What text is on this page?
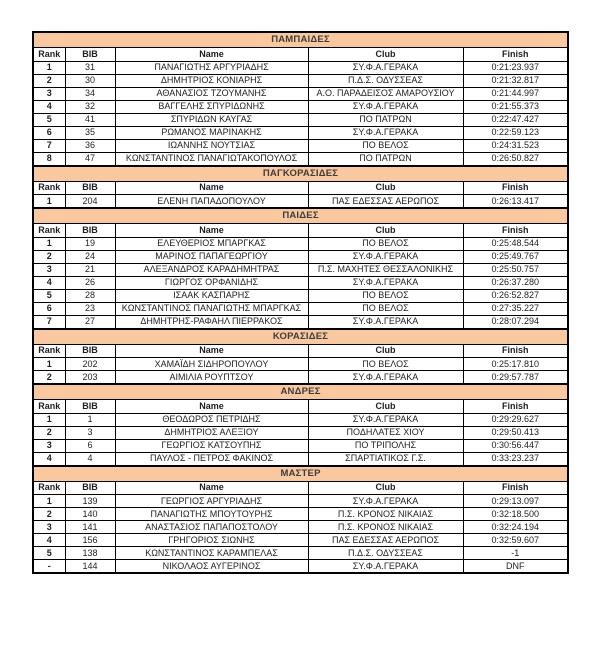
ΠΑΜΠΑΙΔΕΣ				
Rank	BIB	Name	Club	Finish
1	31	ΠΑΝΑΓΙΩΤΗΣ ΑΡΓΥΡΙΑΔΗΣ	ΣΥ.Φ.Α.ΓΕΡΑΚΑ	0:21:23.937
2	30	ΔΗΜΗΤΡΙΟΣ ΚΟΝΙΑΡΗΣ	Π.Δ.Σ. ΟΔΥΣΣΕΑΣ	0:21:32.817
3	34	ΑΘΑΝΑΣΙΟΣ ΤΖΟΥΜΑΝΗΣ	Α.Ο. ΠΑΡΑΔΕΙΣΟΣ ΑΜΑΡΟΥΣΙΟΥ	0:21:44.997
4	32	ΒΑΓΓΕΛΗΣ ΣΠΥΡΙΔΩΝΗΣ	ΣΥ.Φ.Α.ΓΕΡΑΚΑ	0:21:55.373
5	41	ΣΠΥΡΙΔΩΝ ΚΑΥΓΑΣ	ΠΟ ΠΑΤΡΩΝ	0:22:47.427
6	35	ΡΩΜΑΝΟΣ ΜΑΡΙΝΑΚΗΣ	ΣΥ.Φ.Α.ΓΕΡΑΚΑ	0:22:59.123
7	36	ΙΩΑΝΝΗΣ ΝΟΥΤΣΙΑΣ	ΠΟ ΒΕΛΟΣ	0:24:31.523
8	47	ΚΩΝΣΤΑΝΤΙΝΟΣ ΠΑΝΑΓΙΩΤΑΚΟΠΟΥΛΟΣ	ΠΟ ΠΑΤΡΩΝ	0:26:50.827
ΠΑΓΚΟΡΑΣΙΔΕΣ				
Rank	BIB	Name	Club	Finish
1	204	ΕΛΕΝΗ ΠΑΠΑΔΟΠΟΥΛΟΥ	ΠΑΣ ΕΔΕΣΣΑΣ ΑΕΡΩΠΟΣ	0:26:13.417
ΠΑΙΔΕΣ				
Rank	BIB	Name	Club	Finish
1	19	ΕΛΕΥΘΕΡΙΟΣ ΜΠΑΡΓΚΑΣ	ΠΟ ΒΕΛΟΣ	0:25:48.544
2	24	ΜΑΡΙΝΟΣ ΠΑΠΑΓΕΩΡΓΙΟΥ	ΣΥ.Φ.Α.ΓΕΡΑΚΑ	0:25:49.767
3	21	ΑΛΕΞΑΝΔΡΟΣ ΚΑΡΑΔΗΜΗΤΡΑΣ	Π.Σ. ΜΑΧΗΤΕΣ ΘΕΣΣΑΛΟΝΙΚΗΣ	0:25:50.757
4	26	ΓΙΩΡΓΟΣ ΟΡΦΑΝΙΔΗΣ	ΣΥ.Φ.Α.ΓΕΡΑΚΑ	0:26:37.280
5	28	ΙΣΑΑΚ ΚΑΣΠΑΡΗΣ	ΠΟ ΒΕΛΟΣ	0:26:52.827
6	23	ΚΩΝΣΤΑΝΤΙΝΟΣ ΠΑΝΑΓΙΩΤΗΣ ΜΠΑΡΓΚΑΣ	ΠΟ ΒΕΛΟΣ	0:27:35.227
7	27	ΔΗΜΗΤΡΗΣ-ΡΑΦΑΗΛ ΠΙΕΡΡΑΚΟΣ	ΣΥ.Φ.Α.ΓΕΡΑΚΑ	0:28:07.294
ΚΟΡΑΣΙΔΕΣ				
Rank	BIB	Name	Club	Finish
1	202	ΧΑΜΑΪΔΗ ΣΙΔΗΡΟΠΟΥΛΟΥ	ΠΟ ΒΕΛΟΣ	0:25:17.810
2	203	ΑΙΜΙΛΙΑ ΡΟΥΠΤΣΟΥ	ΣΥ.Φ.Α.ΓΕΡΑΚΑ	0:29:57.787
ΑΝΔΡΕΣ				
Rank	BIB	Name	Club	Finish
1	1	ΘΕΟΔΩΡΟΣ ΠΕΤΡΙΔΗΣ	ΣΥ.Φ.Α.ΓΕΡΑΚΑ	0:29:29.627
2	3	ΔΗΜΗΤΡΙΟΣ ΑΛΕΞΙΟΥ	ΠΟΔΗΛΑΤΕΣ ΧΙΟΥ	0:29:50.413
3	6	ΓΕΩΡΓΙΟΣ ΚΑΤΣΟΥΠΗΣ	ΠΟ ΤΡΙΠΟΛΗΣ	0:30:56.447
4	4	ΠΑΥΛΟΣ - ΠΕΤΡΟΣ ΦΑΚΙΝΟΣ	ΣΠΑΡΤΙΑΤΙΚΟΣ Γ.Σ.	0:33:23.237
ΜΑΣΤΕΡ				
Rank	BIB	Name	Club	Finish
1	139	ΓΕΩΡΓΙΟΣ ΑΡΓΥΡΙΑΔΗΣ	ΣΥ.Φ.Α.ΓΕΡΑΚΑ	0:29:13.097
2	140	ΠΑΝΑΓΙΩΤΗΣ ΜΠΟΥΤΟΥΡΗΣ	Π.Σ. ΚΡΟΝΟΣ ΝΙΚΑΙΑΣ	0:32:18.500
3	141	ΑΝΑΣΤΑΣΙΟΣ ΠΑΠΑΠΟΣΤΟΛΟΥ	Π.Σ. ΚΡΟΝΟΣ ΝΙΚΑΙΑΣ	0:32:24.194
4	156	ΓΡΗΓΟΡΙΟΣ ΣΙΩΝΗΣ	ΠΑΣ ΕΔΕΣΣΑΣ ΑΕΡΩΠΟΣ	0:32:59.607
5	138	ΚΩΝΣΤΑΝΤΙΝΟΣ ΚΑΡΑΜΠΕΛΑΣ	Π.Δ.Σ. ΟΔΥΣΣΕΑΣ	-1
-	144	ΝΙΚΟΛΑΟΣ ΑΥΓΕΡΙΝΟΣ	ΣΥ.Φ.Α.ΓΕΡΑΚΑ	DNF
